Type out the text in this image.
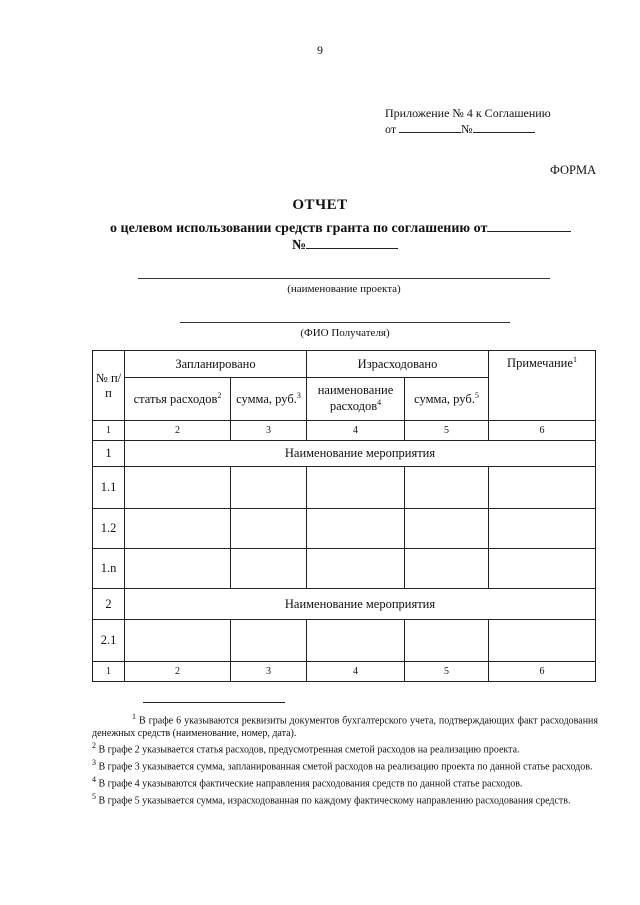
9
Приложение № 4 к Соглашению
от	№
ФОРМА
ОТЧЕТ
о целевом использовании средств гранта по соглашению от
№
(наименование проекта)
(ФИО Получателя)
№ п/п	Запланировано		Израсходовано		Примечание$^1$
	статья расходов$^2$	сумма, руб.$^3$	наименование расходов$^4$	сумма, руб.$^5$
1	2	3	4	5	6
1	Наименование мероприятия				
1.1					
1.2					
1.n					
2	Наименование мероприятия				
2.1					
1	2	3	4	5	6

$^1$ В графе 6 указываются реквизиты документов бухгалтерского учета, подтверждающих факт расходования денежных средств (наименование, номер, дата).

$^2$ В графе 2 указывается статья расходов, предусмотренная сметой расходов на реализацию проекта.

$^3$ В графе 3 указывается сумма, запланированная сметой расходов на реализацию проекта по данной статье расходов.

$^4$ В графе 4 указываются фактические направления расходования средств по данной статье расходов.

$^5$ В графе 5 указывается сумма, израсходованная по каждому фактическому направлению расходования средств.
